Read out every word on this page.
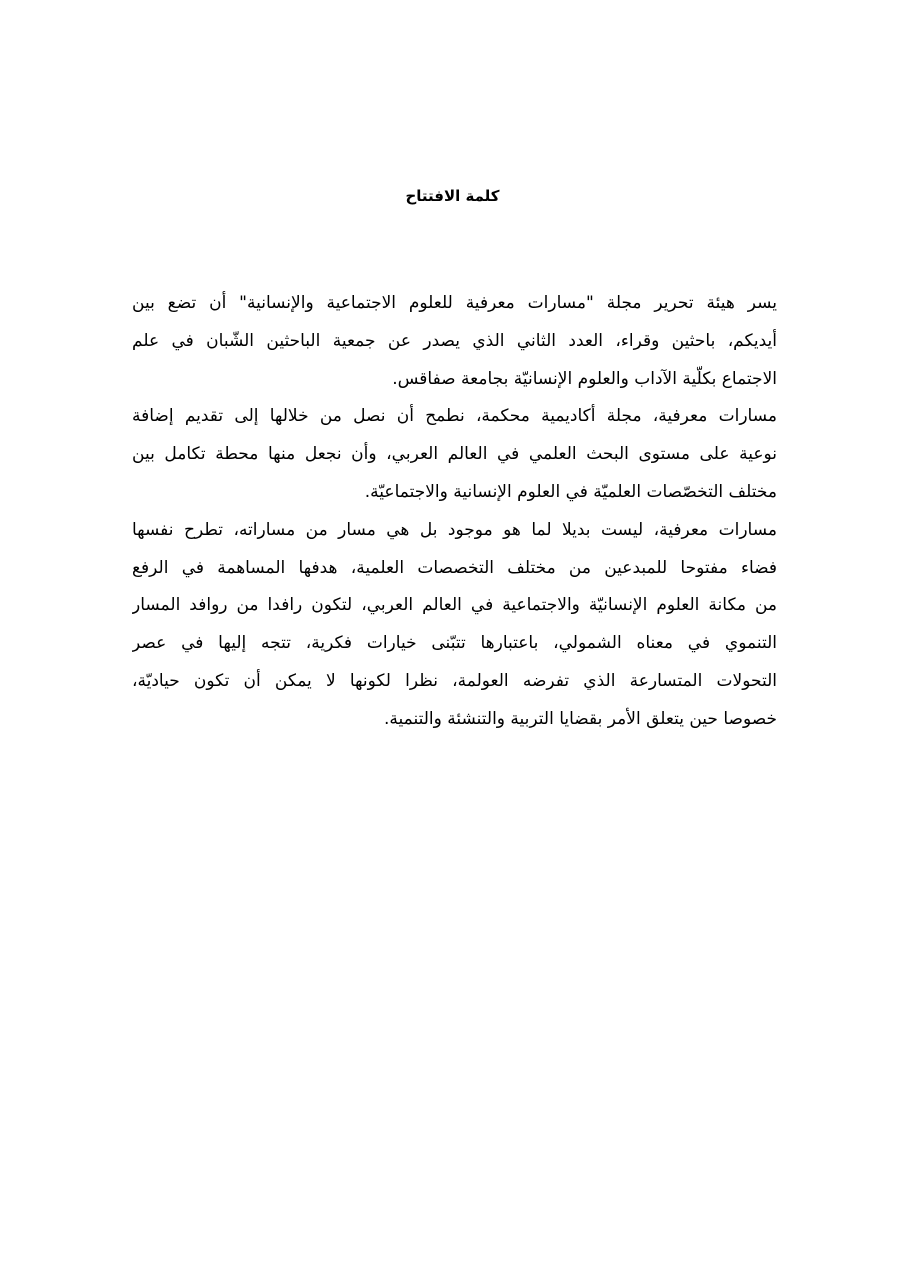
كلمة الافتتاح
يسر هيئة تحرير مجلة "مسارات معرفية للعلوم الاجتماعية والإنسانية" أن تضع بين
أيديكم، باحثين وقراء، العدد الثاني الذي يصدر عن جمعية الباحثين الشّبان في علم
الاجتماع بكلّية الآداب والعلوم الإنسانيّة بجامعة صفاقس.
مسارات معرفية، مجلة أكاديمية محكمة، نطمح أن نصل من خلالها إلى تقديم إضافة
نوعية على مستوى البحث العلمي في العالم العربي، وأن نجعل منها محطة تكامل بين
مختلف التخصّصات العلميّة في العلوم الإنسانية والاجتماعيّة.
مسارات معرفية، ليست بديلا لما هو موجود بل هي مسار من مساراته، تطرح نفسها
فضاء مفتوحا للمبدعين من مختلف التخصصات العلمية، هدفها المساهمة في الرفع
من مكانة العلوم الإنسانيّة والاجتماعية في العالم العربي، لتكون رافدا من روافد المسار
التنموي في معناه الشمولي، باعتبارها تتبّنى خيارات فكرية، تتجه إليها في عصر
التحولات المتسارعة الذي تفرضه العولمة، نظرا لكونها لا يمكن أن تكون حياديّة،
خصوصا حين يتعلق الأمر بقضايا التربية والتنشئة والتنمية.
